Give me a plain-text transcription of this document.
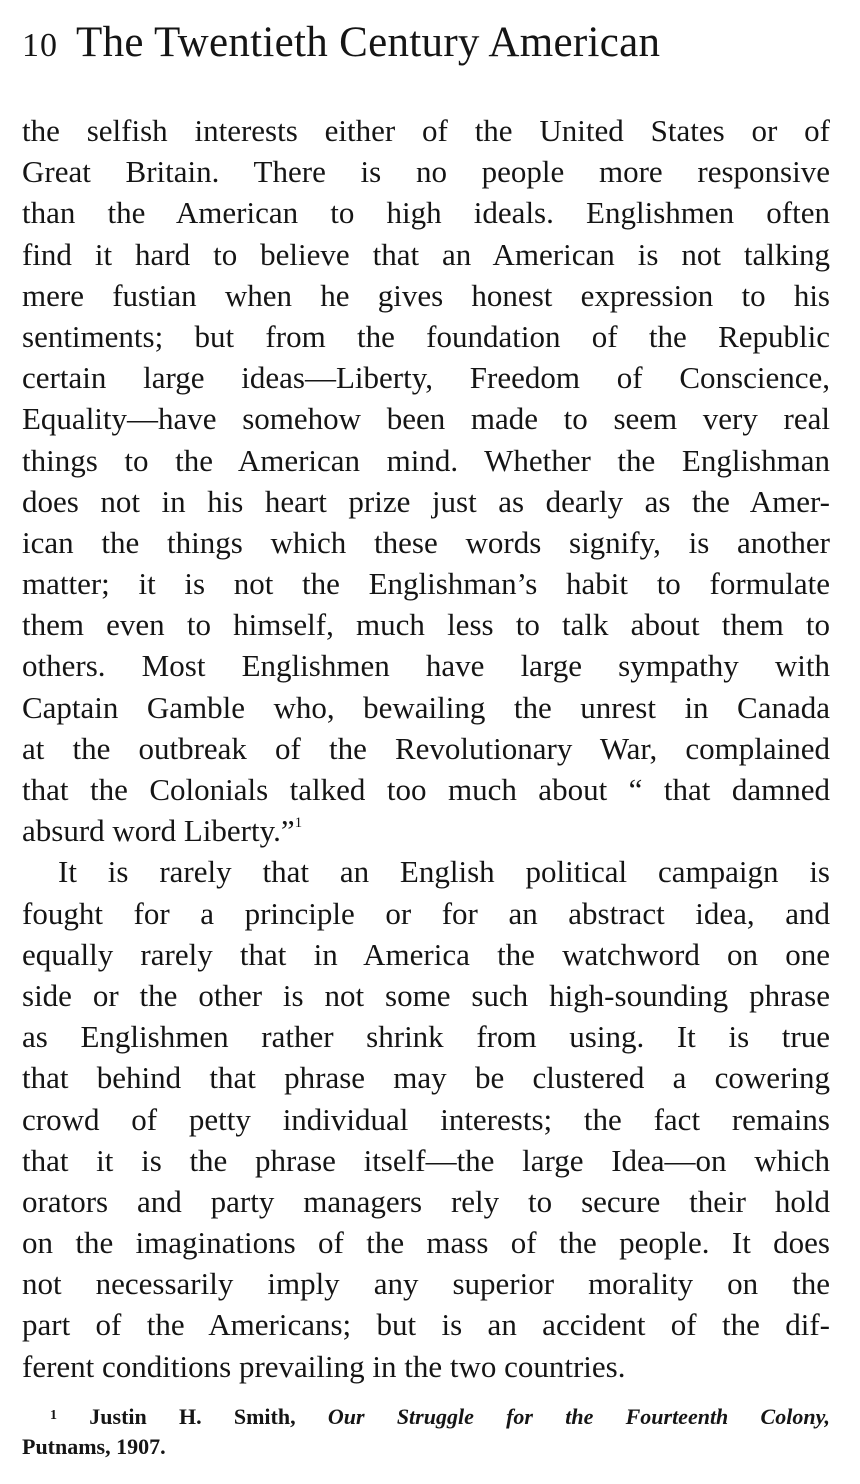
10 The Twentieth Century American
the selfish interests either of the United States or of
Great Britain. There is no people more responsive
than the American to high ideals. Englishmen often
find it hard to believe that an American is not talking
mere fustian when he gives honest expression to his
sentiments; but from the foundation of the Republic
certain large ideas—Liberty, Freedom of Conscience,
Equality—have somehow been made to seem very real
things to the American mind. Whether the Englishman
does not in his heart prize just as dearly as the Amer-
ican the things which these words signify, is another
matter; it is not the Englishman’s habit to formulate
them even to himself, much less to talk about them to
others. Most Englishmen have large sympathy with
Captain Gamble who, bewailing the unrest in Canada
at the outbreak of the Revolutionary War, complained
that the Colonials talked too much about “ that damned
absurd word Liberty.”$^1$
It is rarely that an English political campaign is
fought for a principle or for an abstract idea, and
equally rarely that in America the watchword on one
side or the other is not some such high-sounding phrase
as Englishmen rather shrink from using. It is true
that behind that phrase may be clustered a cowering
crowd of petty individual interests; the fact remains
that it is the phrase itself—the large Idea—on which
orators and party managers rely to secure their hold
on the imaginations of the mass of the people. It does
not necessarily imply any superior morality on the
part of the Americans; but is an accident of the dif-
ferent conditions prevailing in the two countries.
$^1$ Justin H. Smith, Our Struggle for the Fourteenth Colony,
Putnams, 1907.
